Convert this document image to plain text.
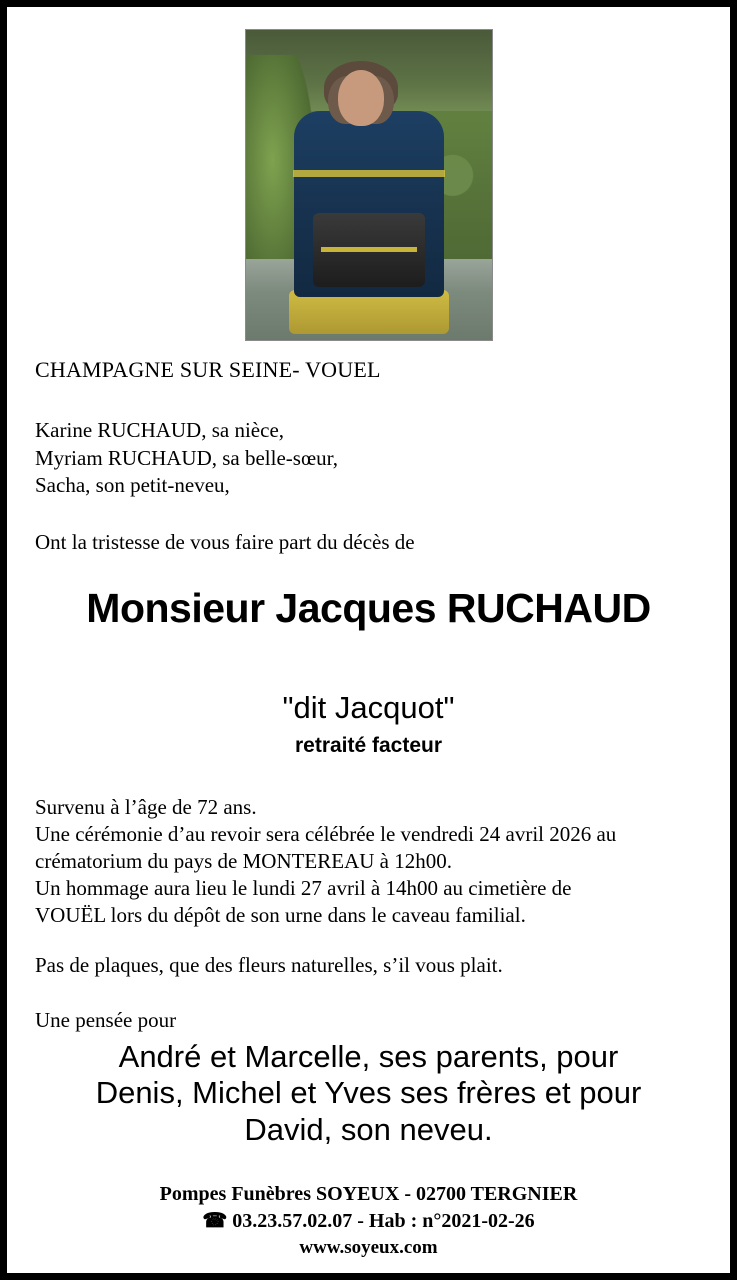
CHAMPAGNE SUR SEINE- VOUEL
Karine RUCHAUD, sa nièce,
Myriam RUCHAUD, sa belle-sœur,
Sacha, son petit-neveu,
Ont la tristesse de vous faire part du décès de
Monsieur Jacques RUCHAUD
"dit Jacquot"
retraité facteur
Survenu à l’âge de 72 ans.
Une cérémonie d’au revoir sera célébrée le vendredi 24 avril 2026 au
crématorium du pays de MONTEREAU à 12h00.
Un hommage aura lieu le lundi 27 avril à 14h00 au cimetière de
VOUËL lors du dépôt de son urne dans le caveau familial.
Pas de plaques, que des fleurs naturelles, s’il vous plait.
Une pensée pour
André et Marcelle, ses parents, pour
Denis, Michel et Yves ses frères et pour
David, son neveu.
Pompes Funèbres SOYEUX - 02700 TERGNIER
☎ 03.23.57.02.07 - Hab : n°2021-02-26
www.soyeux.com
